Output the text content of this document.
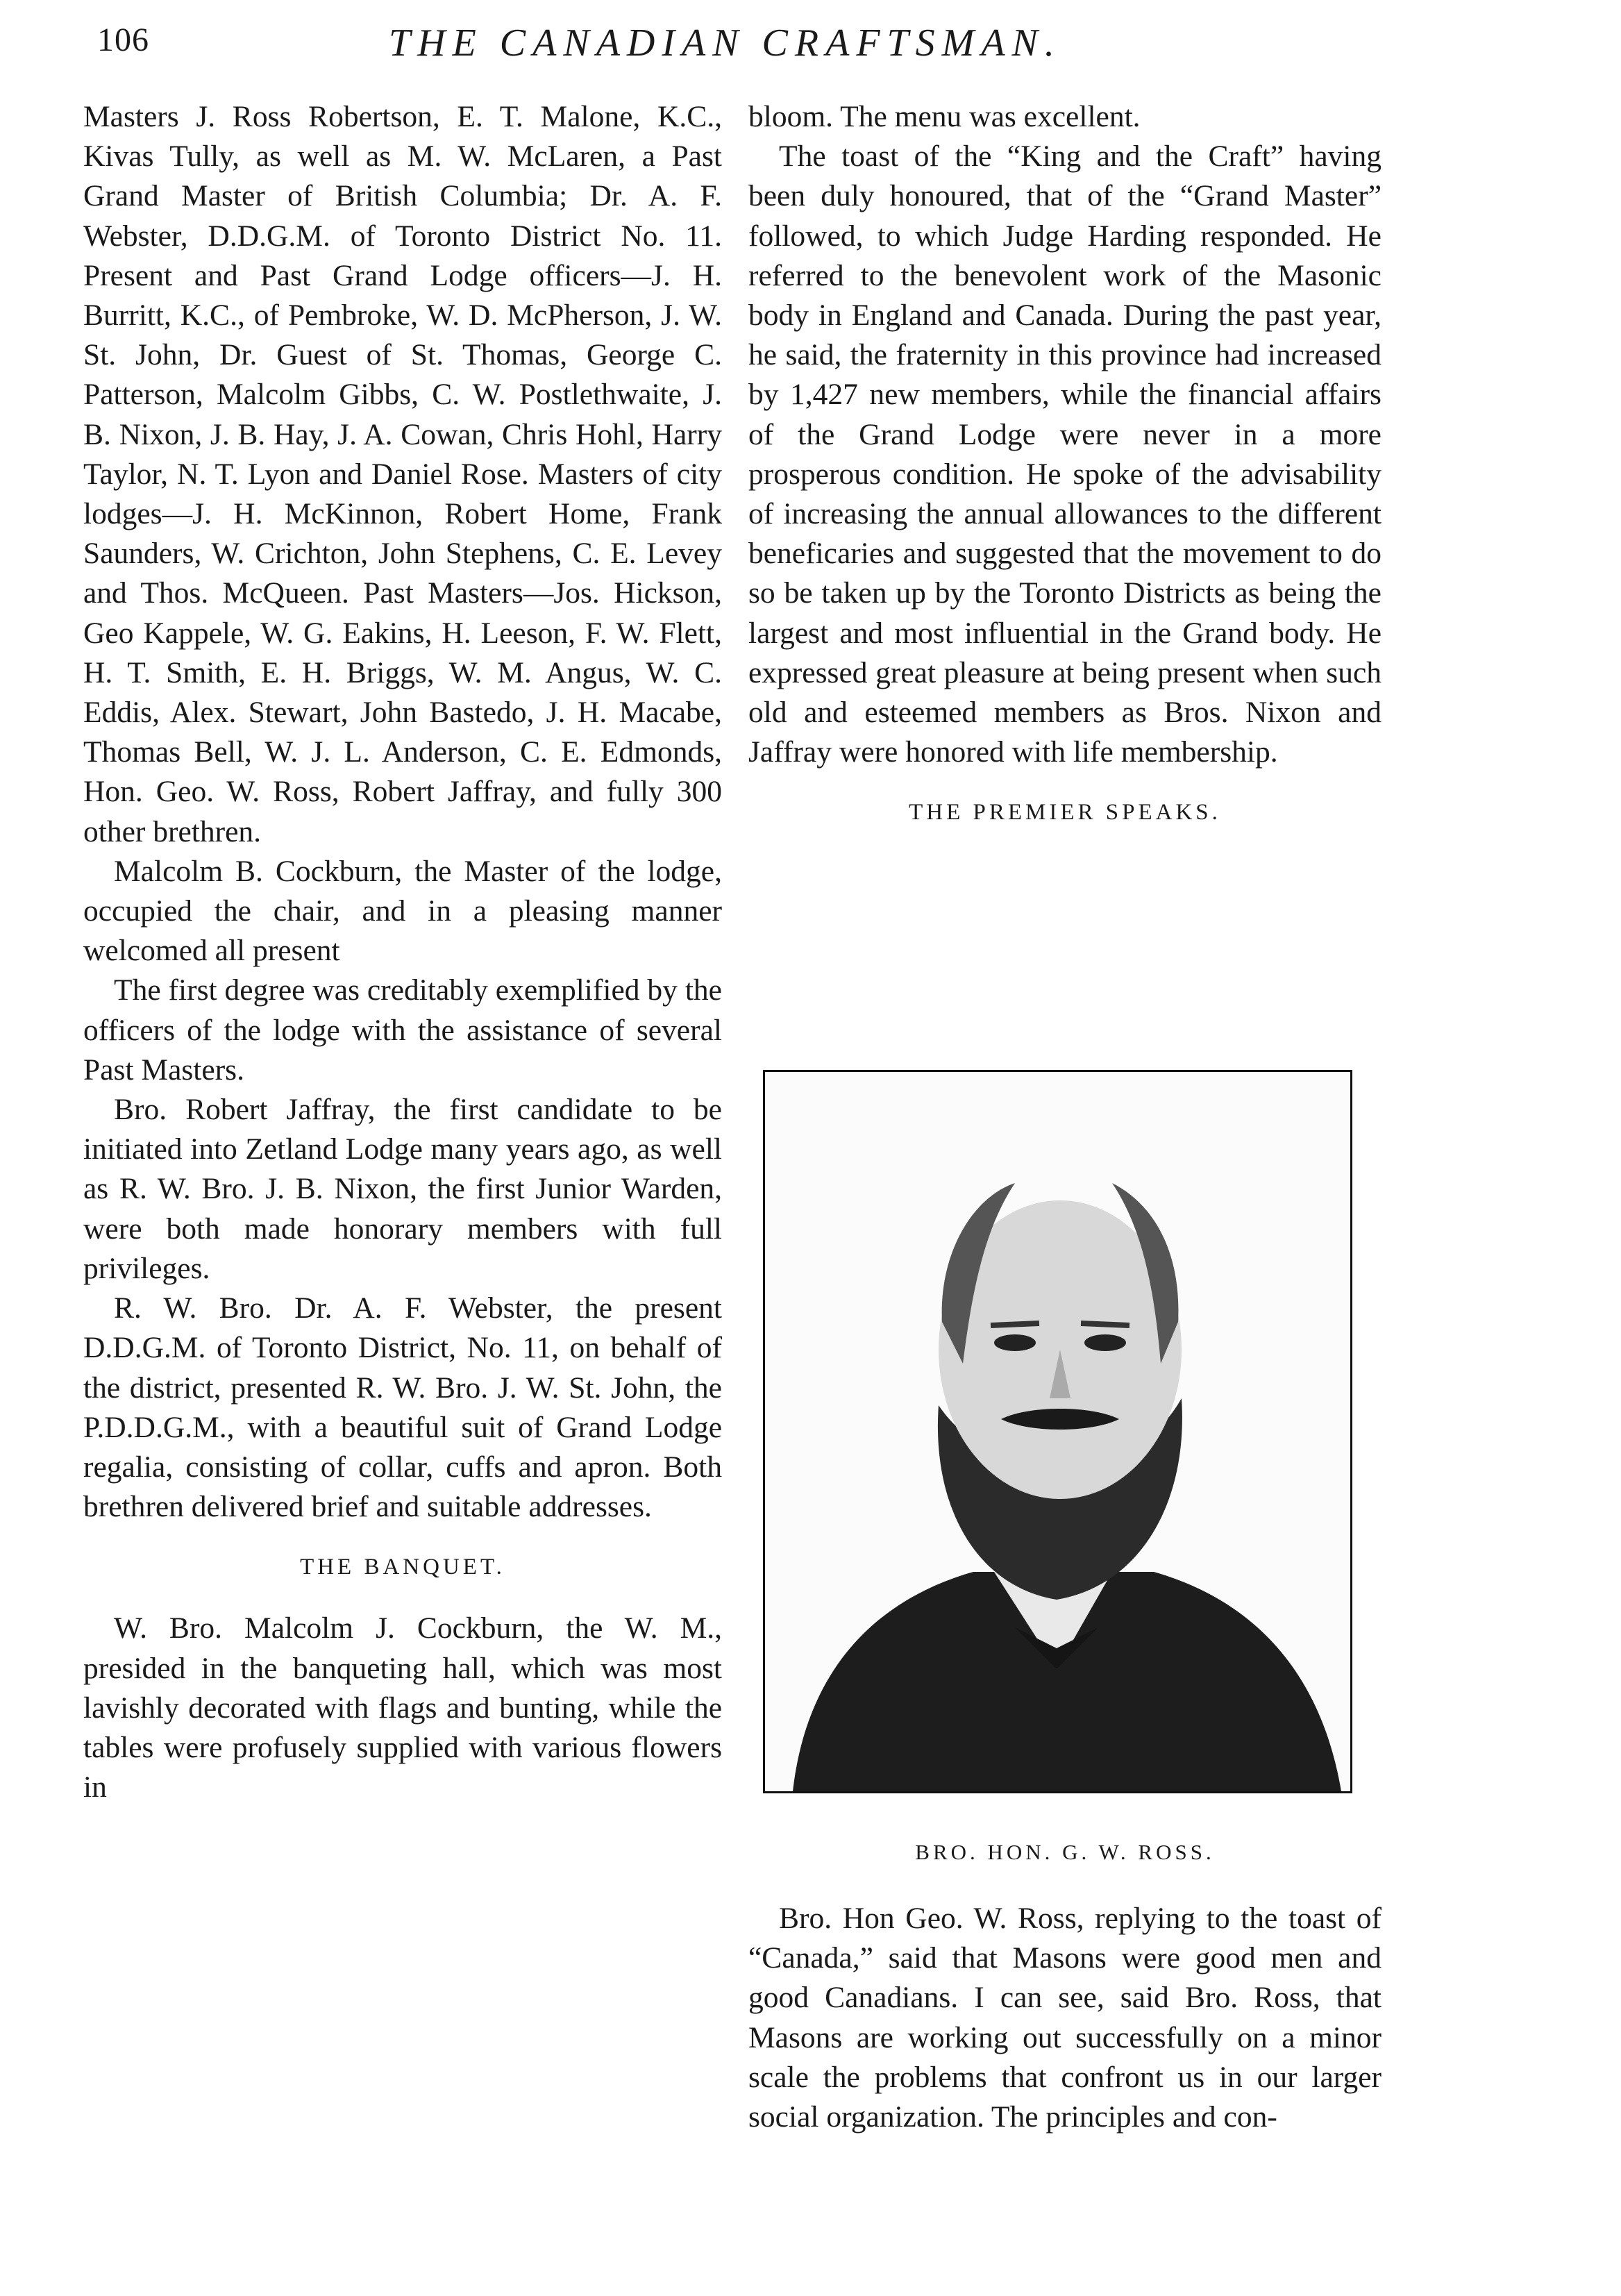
106	THE CANADIAN CRAFTSMAN.

Masters J. Ross Robertson, E. T. Malone, K.C., Kivas Tully, as well as M. W. McLaren, a Past Grand Master of British Columbia; Dr. A. F. Webster, D.D.G.M. of Toronto District No. 11. Present and Past Grand Lodge officers—J. H. Burritt, K.C., of Pembroke, W. D. McPherson, J. W. St. John, Dr. Guest of St. Thomas, George C. Patterson, Malcolm Gibbs, C. W. Postlethwaite, J. B. Nixon, J. B. Hay, J. A. Cowan, Chris Hohl, Harry Taylor, N. T. Lyon and Daniel Rose. Masters of city lodges—J. H. McKinnon, Robert Home, Frank Saunders, W. Crichton, John Stephens, C. E. Levey and Thos. McQueen. Past Masters—Jos. Hickson, Geo Kappele, W. G. Eakins, H. Leeson, F. W. Flett, H. T. Smith, E. H. Briggs, W. M. Angus, W. C. Eddis, Alex. Stewart, John Bastedo, J. H. Macabe, Thomas Bell, W. J. L. Anderson, C. E. Edmonds, Hon. Geo. W. Ross, Robert Jaffray, and fully 300 other brethren.

Malcolm B. Cockburn, the Master of the lodge, occupied the chair, and in a pleasing manner welcomed all present

The first degree was creditably exemplified by the officers of the lodge with the assistance of several Past Masters.

Bro. Robert Jaffray, the first candidate to be initiated into Zetland Lodge many years ago, as well as R. W. Bro. J. B. Nixon, the first Junior Warden, were both made honorary members with full privileges.

R. W. Bro. Dr. A. F. Webster, the present D.D.G.M. of Toronto District, No. 11, on behalf of the district, presented R. W. Bro. J. W. St. John, the P.D.D.G.M., with a beautiful suit of Grand Lodge regalia, consisting of collar, cuffs and apron. Both brethren delivered brief and suitable addresses.

THE BANQUET.

W. Bro. Malcolm J. Cockburn, the W. M., presided in the banqueting hall, which was most lavishly decorated with flags and bunting, while the tables were profusely supplied with various flowers in

bloom. The menu was excellent.

The toast of the “King and the Craft” having been duly honoured, that of the “Grand Master” followed, to which Judge Harding responded. He referred to the benevolent work of the Masonic body in England and Canada. During the past year, he said, the fraternity in this province had increased by 1,427 new members, while the financial affairs of the Grand Lodge were never in a more prosperous condition. He spoke of the advisability of increasing the annual allowances to the different beneficaries and suggested that the movement to do so be taken up by the Toronto Districts as being the largest and most influential in the Grand body. He expressed great pleasure at being present when such old and esteemed members as Bros. Nixon and Jaffray were honored with life membership.

THE PREMIER SPEAKS.

BRO. HON. G. W. ROSS.

Bro. Hon Geo. W. Ross, replying to the toast of “Canada,” said that Masons were good men and good Canadians. I can see, said Bro. Ross, that Masons are working out successfully on a minor scale the problems that confront us in our larger social organization. The principles and con-
